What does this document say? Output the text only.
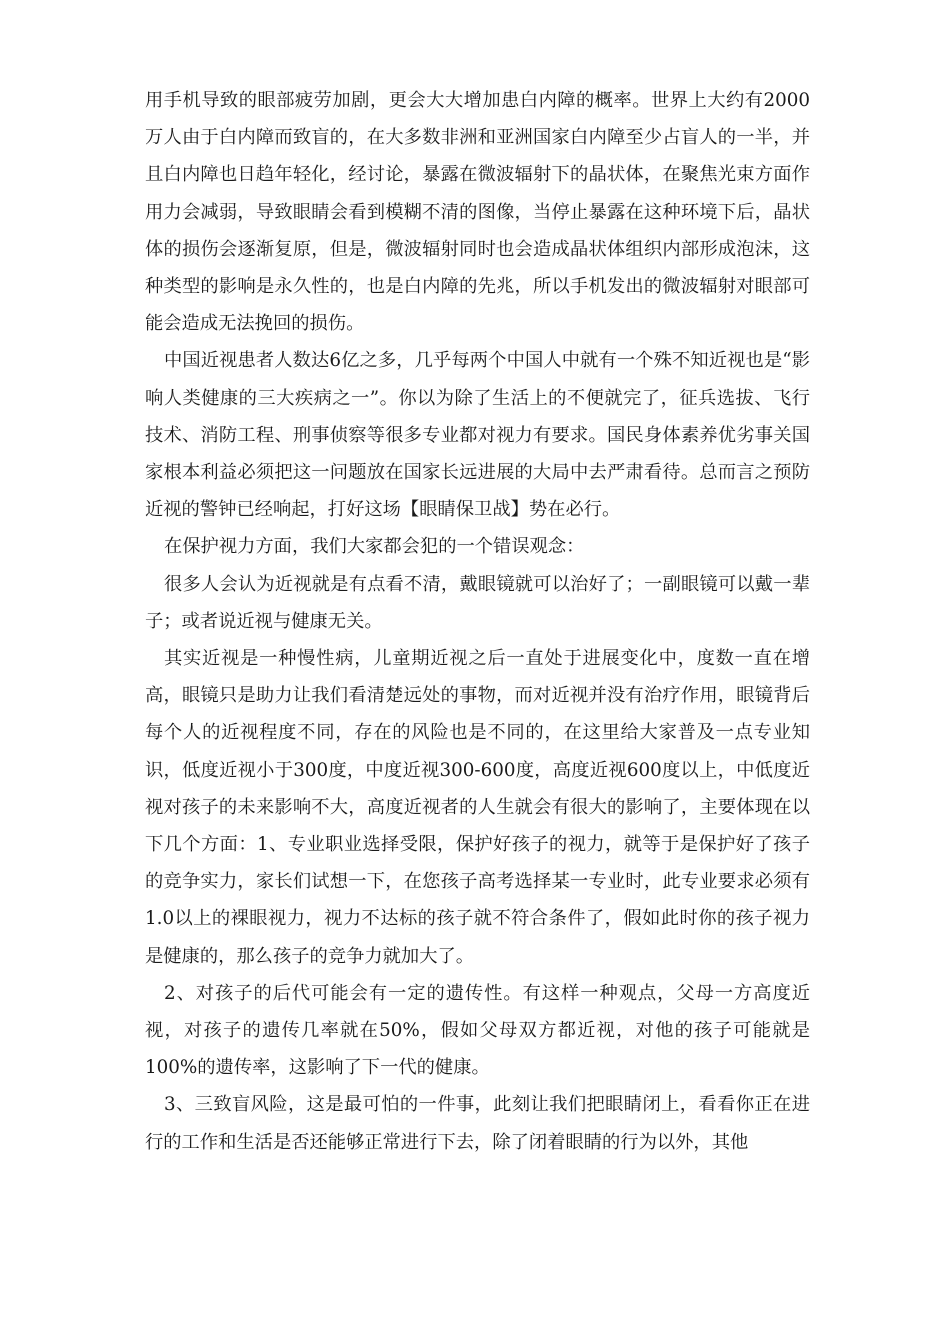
用手机导致的眼部疲劳加剧，更会大大增加患白内障的概率。世界上大约有2000万人由于白内障而致盲的，在大多数非洲和亚洲国家白内障至少占盲人的一半，并且白内障也日趋年轻化，经讨论，暴露在微波辐射下的晶状体，在聚焦光束方面作用力会减弱，导致眼睛会看到模糊不清的图像，当停止暴露在这种环境下后，晶状体的损伤会逐渐复原，但是，微波辐射同时也会造成晶状体组织内部形成泡沫，这种类型的影响是永久性的，也是白内障的先兆，所以手机发出的微波辐射对眼部可能会造成无法挽回的损伤。

中国近视患者人数达6亿之多，几乎每两个中国人中就有一个殊不知近视也是“影响人类健康的三大疾病之一”。你以为除了生活上的不便就完了，征兵选拔、飞行技术、消防工程、刑事侦察等很多专业都对视力有要求。国民身体素养优劣事关国家根本利益必须把这一问题放在国家长远进展的大局中去严肃看待。总而言之预防近视的警钟已经响起，打好这场【眼睛保卫战】势在必行。

在保护视力方面，我们大家都会犯的一个错误观念：

很多人会认为近视就是有点看不清，戴眼镜就可以治好了；一副眼镜可以戴一辈子；或者说近视与健康无关。

其实近视是一种慢性病，儿童期近视之后一直处于进展变化中，度数一直在增高，眼镜只是助力让我们看清楚远处的事物，而对近视并没有治疗作用，眼镜背后每个人的近视程度不同，存在的风险也是不同的，在这里给大家普及一点专业知识，低度近视小于300度，中度近视300-600度，高度近视600度以上，中低度近视对孩子的未来影响不大，高度近视者的人生就会有很大的影响了，主要体现在以下几个方面：1、专业职业选择受限，保护好孩子的视力，就等于是保护好了孩子的竞争实力，家长们试想一下，在您孩子高考选择某一专业时，此专业要求必须有1.0以上的裸眼视力，视力不达标的孩子就不符合条件了，假如此时你的孩子视力是健康的，那么孩子的竞争力就加大了。

2、对孩子的后代可能会有一定的遗传性。有这样一种观点，父母一方高度近视，对孩子的遗传几率就在50%，假如父母双方都近视，对他的孩子可能就是100%的遗传率，这影响了下一代的健康。

3、三致盲风险，这是最可怕的一件事，此刻让我们把眼睛闭上，看看你正在进行的工作和生活是否还能够正常进行下去，除了闭着眼睛的行为以外，其他
